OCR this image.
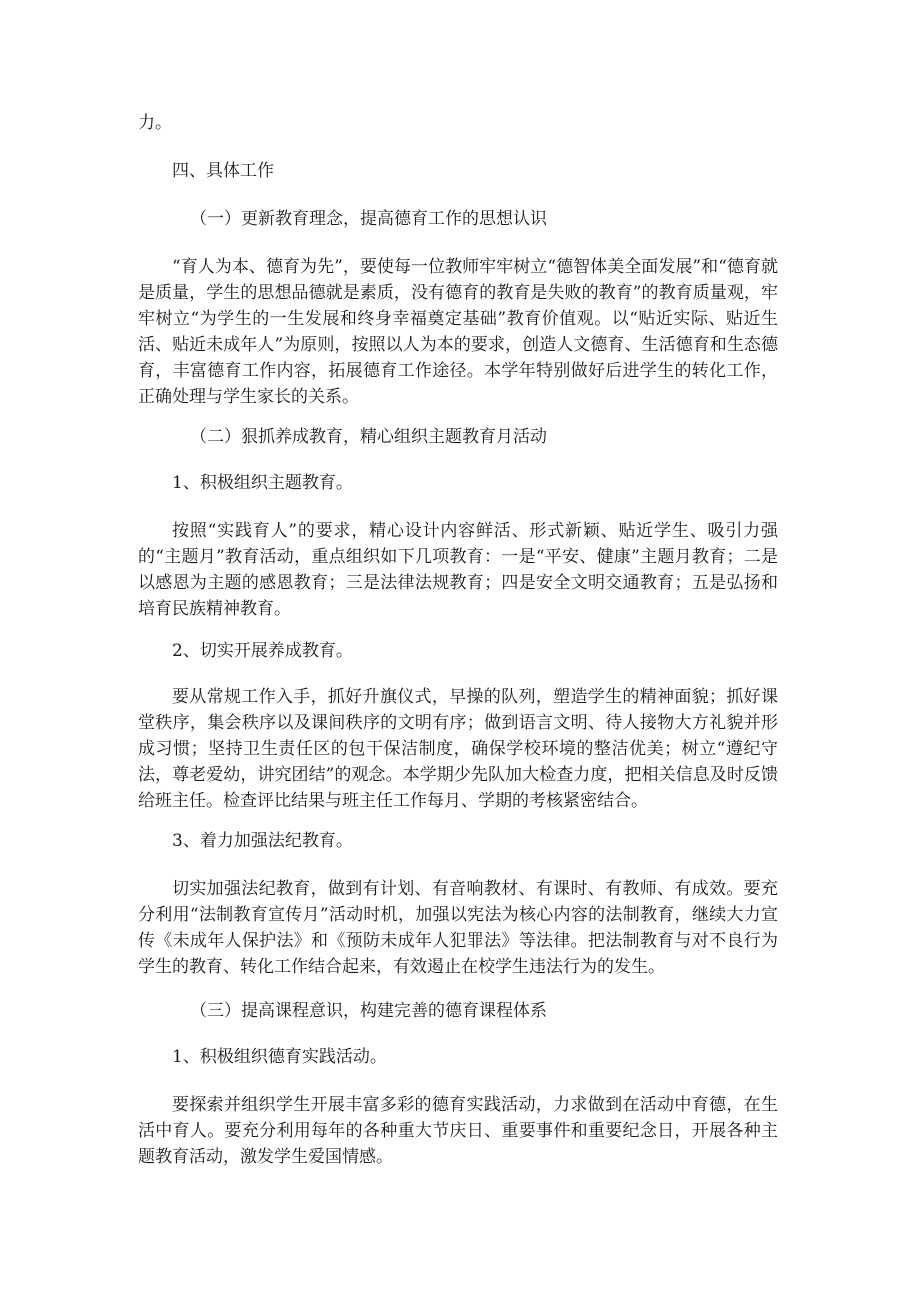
力。

四、具体工作

（一）更新教育理念，提高德育工作的思想认识

“育人为本、德育为先”，要使每一位教师牢牢树立“德智体美全面发展”和“德育就是质量，学生的思想品德就是素质，没有德育的教育是失败的教育”的教育质量观，牢牢树立“为学生的一生发展和终身幸福奠定基础”教育价值观。以“贴近实际、贴近生活、贴近未成年人”为原则，按照以人为本的要求，创造人文德育、生活德育和生态德育，丰富德育工作内容，拓展德育工作途径。本学年特别做好后进学生的转化工作，正确处理与学生家长的关系。

（二）狠抓养成教育，精心组织主题教育月活动

1、积极组织主题教育。

按照“实践育人”的要求，精心设计内容鲜活、形式新颖、贴近学生、吸引力强的“主题月”教育活动，重点组织如下几项教育：一是“平安、健康”主题月教育；二是以感恩为主题的感恩教育；三是法律法规教育；四是安全文明交通教育；五是弘扬和培育民族精神教育。

2、切实开展养成教育。

要从常规工作入手，抓好升旗仪式，早操的队列，塑造学生的精神面貌；抓好课堂秩序，集会秩序以及课间秩序的文明有序；做到语言文明、待人接物大方礼貌并形成习惯；坚持卫生责任区的包干保洁制度，确保学校环境的整洁优美；树立“遵纪守法，尊老爱幼，讲究团结”的观念。本学期少先队加大检查力度，把相关信息及时反馈给班主任。检查评比结果与班主任工作每月、学期的考核紧密结合。

3、着力加强法纪教育。

切实加强法纪教育，做到有计划、有音响教材、有课时、有教师、有成效。要充分利用“法制教育宣传月”活动时机，加强以宪法为核心内容的法制教育，继续大力宣传《未成年人保护法》和《预防未成年人犯罪法》等法律。把法制教育与对不良行为学生的教育、转化工作结合起来，有效遏止在校学生违法行为的发生。

（三）提高课程意识，构建完善的德育课程体系

1、积极组织德育实践活动。

要探索并组织学生开展丰富多彩的德育实践活动，力求做到在活动中育德，在生活中育人。要充分利用每年的各种重大节庆日、重要事件和重要纪念日，开展各种主题教育活动，激发学生爱国情感。
